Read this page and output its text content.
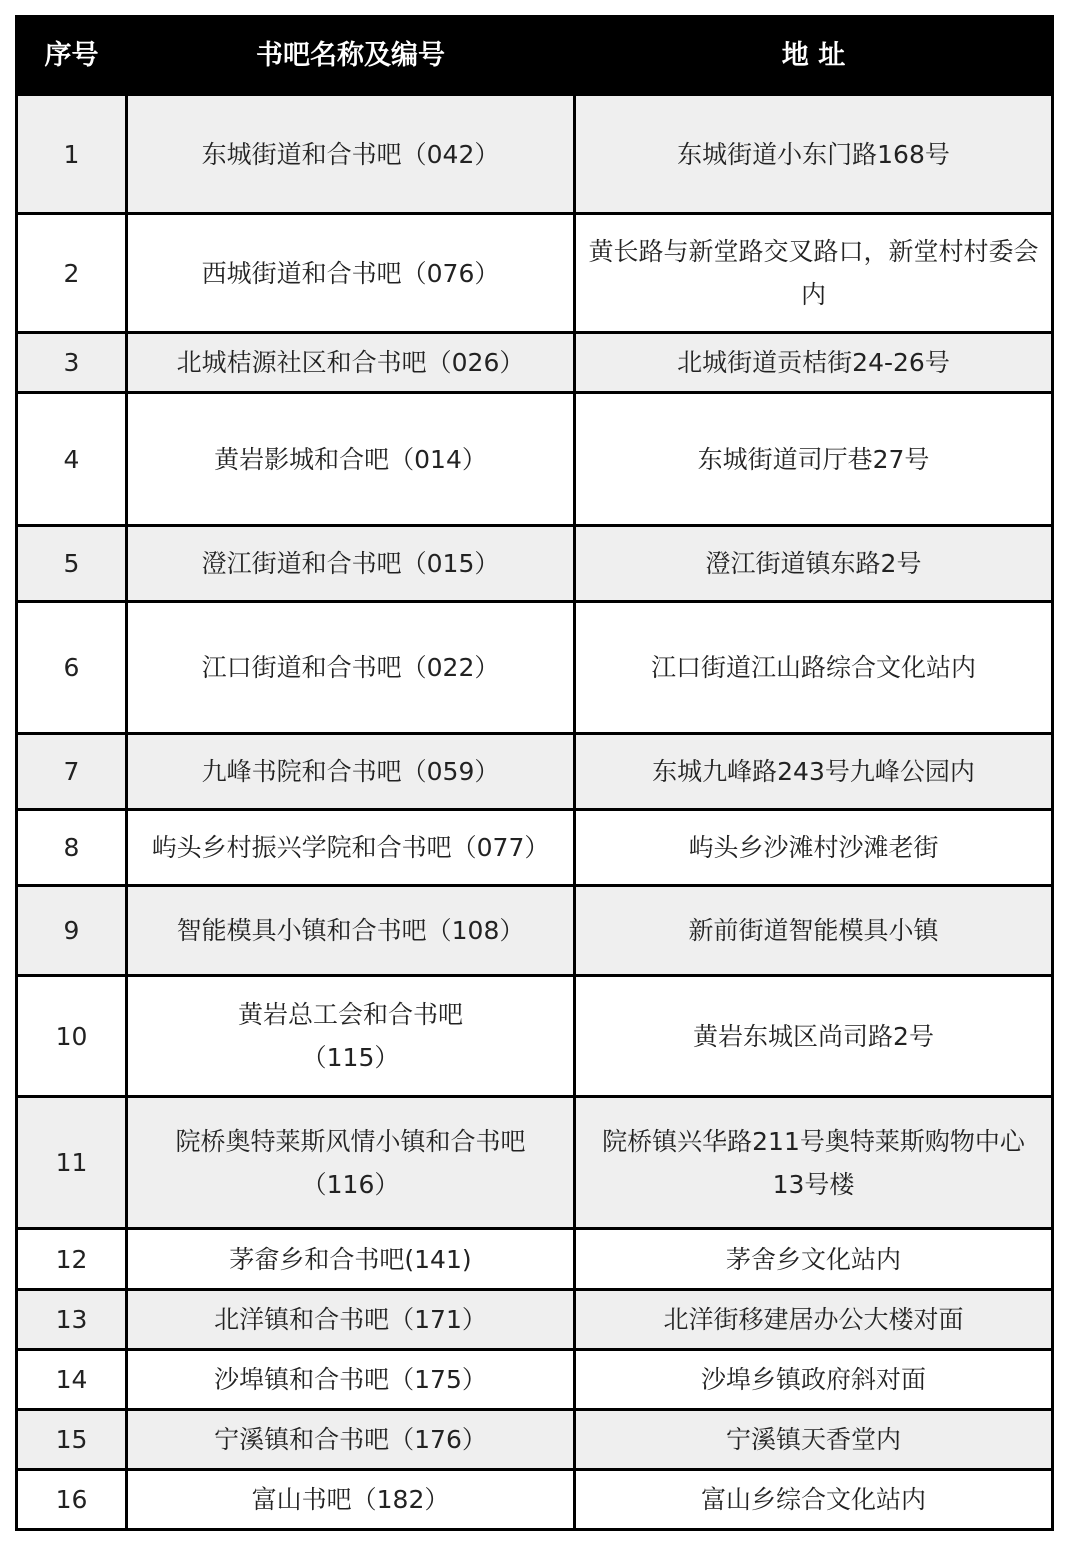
序号	书吧名称及编号	地 址
1	东城街道和合书吧（042）	东城街道小东门路168号
2	西城街道和合书吧（076）	黄长路与新堂路交叉路口，新堂村村委会内
3	北城桔源社区和合书吧（026）	北城街道贡桔街24-26号
4	黄岩影城和合吧（014）	东城街道司厅巷27号
5	澄江街道和合书吧（015）	澄江街道镇东路2号
6	江口街道和合书吧（022）	江口街道江山路综合文化站内
7	九峰书院和合书吧（059）	东城九峰路243号九峰公园内
8	屿头乡村振兴学院和合书吧（077）	屿头乡沙滩村沙滩老街
9	智能模具小镇和合书吧（108）	新前街道智能模具小镇
10	黄岩总工会和合书吧（115）	黄岩东城区尚司路2号
11	院桥奥特莱斯风情小镇和合书吧（116）	院桥镇兴华路211号奥特莱斯购物中心13号楼
12	茅畲乡和合书吧(141)	茅舍乡文化站内
13	北洋镇和合书吧（171）	北洋街移建居办公大楼对面
14	沙埠镇和合书吧（175）	沙埠乡镇政府斜对面
15	宁溪镇和合书吧（176）	宁溪镇天香堂内
16	富山书吧（182）	富山乡综合文化站内
